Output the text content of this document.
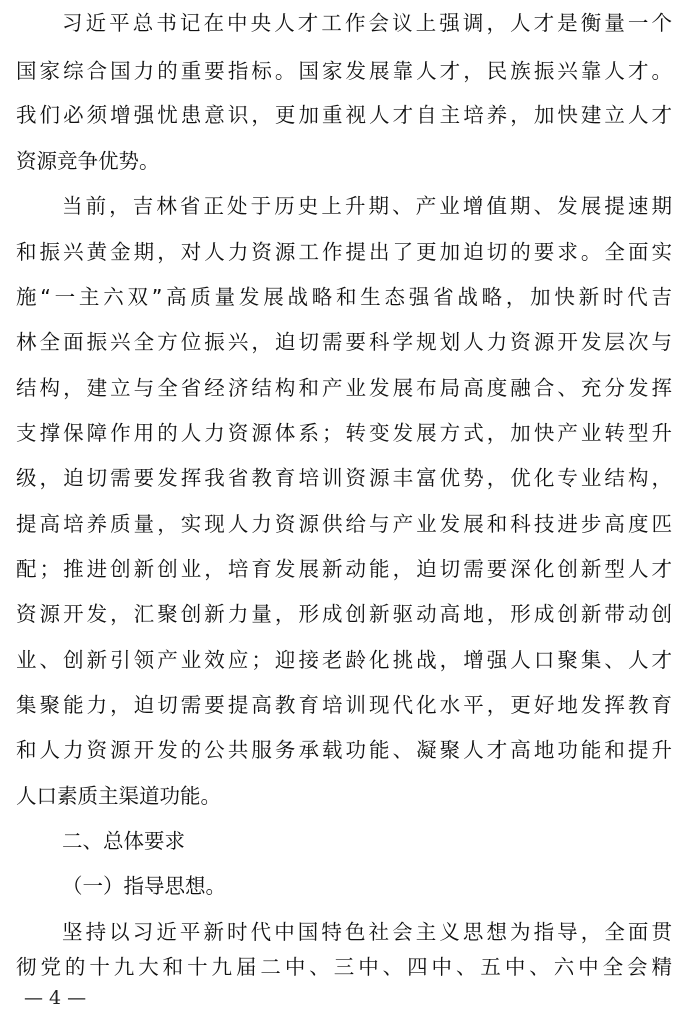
习近平总书记在中央人才工作会议上强调，人才是衡量一个
国家综合国力的重要指标。国家发展靠人才，民族振兴靠人才。
我们必须增强忧患意识，更加重视人才自主培养，加快建立人才
资源竞争优势。
当前，吉林省正处于历史上升期、产业增值期、发展提速期
和振兴黄金期，对人力资源工作提出了更加迫切的要求。全面实
施“一主六双”高质量发展战略和生态强省战略，加快新时代吉
林全面振兴全方位振兴，迫切需要科学规划人力资源开发层次与
结构，建立与全省经济结构和产业发展布局高度融合、充分发挥
支撑保障作用的人力资源体系；转变发展方式，加快产业转型升
级，迫切需要发挥我省教育培训资源丰富优势，优化专业结构，
提高培养质量，实现人力资源供给与产业发展和科技进步高度匹
配；推进创新创业，培育发展新动能，迫切需要深化创新型人才
资源开发，汇聚创新力量，形成创新驱动高地，形成创新带动创
业、创新引领产业效应；迎接老龄化挑战，增强人口聚集、人才
集聚能力，迫切需要提高教育培训现代化水平，更好地发挥教育
和人力资源开发的公共服务承载功能、凝聚人才高地功能和提升
人口素质主渠道功能。
二、总体要求
（一）指导思想。
坚持以习近平新时代中国特色社会主义思想为指导，全面贯
彻党的十九大和十九届二中、三中、四中、五中、六中全会精
— 4 —
